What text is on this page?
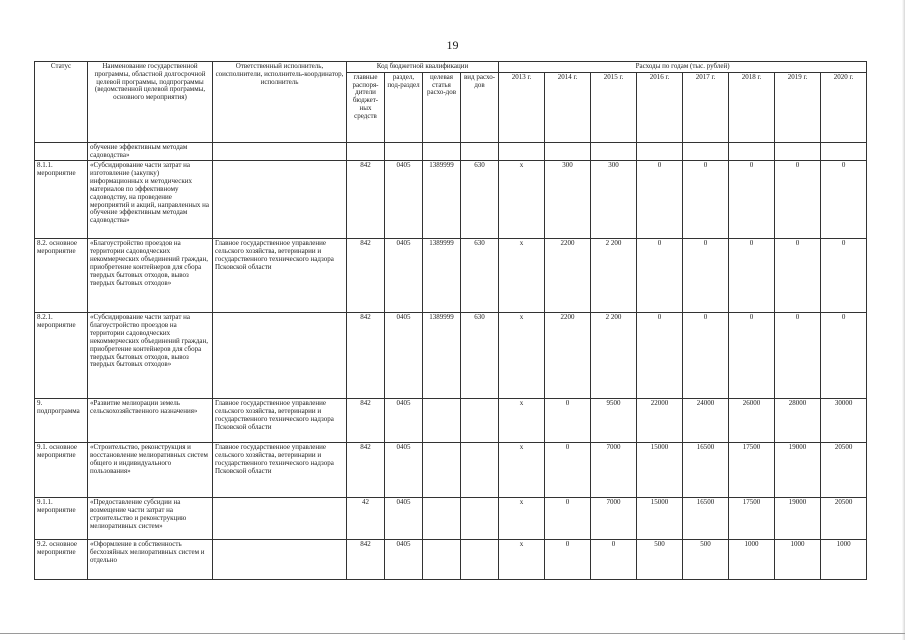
19
Статус	Наименование государственной программы, областной долгосрочной целевой программы, подпрограммы (ведомственной целевой программы, основного мероприятия)	Ответственный исполнитель, соисполнители, исполнитель-координатор, исполнитель	Код бюджетной квалификации				Расходы по годам (тыс. рублей)							
			главные распоря-дители бюджет-ных средств	раздел, под-раздел	целевая статья расхо-дов	вид расхо-дов	2013 г.	2014 г.	2015 г.	2016 г.	2017 г.	2018 г.	2019 г.	2020 г.
	обучение эффективным методам садоводства»													
8.1.1. мероприятие	«Субсидирование части затрат на изготовление (закупку) информационных и методических материалов по эффективному садоводству, на проведение мероприятий и акций, направленных на обучение эффективным методам садоводства»		842	0405	1389999	630	х	300	300	0	0	0	0	0
8.2. основное мероприятие	«Благоустройство проездов на территории садоводческих некоммерческих объединений граждан, приобретение контейнеров для сбора твердых бытовых отходов, вывоз твердых бытовых отходов»	Главное государственное управление сельского хозяйства, ветеринарии и государственного технического надзора Псковской области	842	0405	1389999	630	х	2200	2 200	0	0	0	0	0
8.2.1. мероприятие	«Субсидирование части затрат на благоустройство проездов на территории садоводческих некоммерческих объединений граждан, приобретение контейнеров для сбора твердых бытовых отходов, вывоз твердых бытовых отходов»		842	0405	1389999	630	х	2200	2 200	0	0	0	0	0
9. подпрограмма	«Развитие мелиорации земель сельскохозяйственного назначения»	Главное государственное управление сельского хозяйства, ветеринарии и государственного технического надзора Псковской области	842	0405			х	0	9500	22000	24000	26000	28000	30000
9.1. основное мероприятие	«Строительство, реконструкция и восстановление мелиоративных систем общего и индивидуального пользования»	Главное государственное управление сельского хозяйства, ветеринарии и государственного технического надзора Псковской области	842	0405			х	0	7000	15000	16500	17500	19000	20500
9.1.1. мероприятие	«Предоставление субсидии на возмещение части затрат на строительство и реконструкцию мелиоративных систем»		42	0405			х	0	7000	15000	16500	17500	19000	20500
9.2. основное мероприятие	«Оформление в собственность бесхозяйных мелиоративных систем и отдельно		842	0405			х	0	0	500	500	1000	1000	1000
